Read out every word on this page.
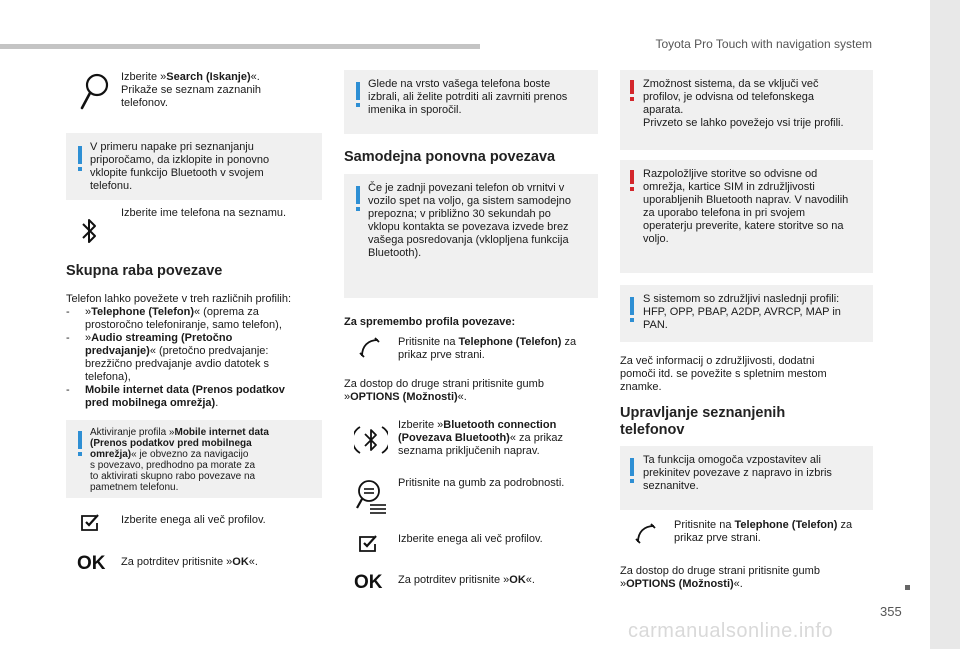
Toyota Pro Touch with navigation system
355
carmanualsonline.info
Izberite »Search (Iskanje)«.
Prikaže se seznam zaznanih
telefonov.
V primeru napake pri seznanjanju
priporočamo, da izklopite in ponovno
vklopite funkcijo Bluetooth v svojem
telefonu.
Izberite ime telefona na seznamu.
Skupna raba povezave
Telefon lahko povežete v treh različnih profilih:
-	»Telephone (Telefon)« (oprema za
prostoročno telefoniranje, samo telefon),
-	»Audio streaming (Pretočno
predvajanje)« (pretočno predvajanje:
brezžično predvajanje avdio datotek s
telefona),
-	Mobile internet data (Prenos podatkov
pred mobilnega omrežja).
Aktiviranje profila »Mobile internet data
(Prenos podatkov pred mobilnega
omrežja)« je obvezno za navigacijo
s povezavo, predhodno pa morate za
to aktivirati skupno rabo povezave na
pametnem telefonu.
Izberite enega ali več profilov.
OK Za potrditev pritisnite »OK«.
Glede na vrsto vašega telefona boste
izbrali, ali želite potrditi ali zavrniti prenos
imenika in sporočil.
Samodejna ponovna povezava
Če je zadnji povezani telefon ob vrnitvi v
vozilo spet na voljo, ga sistem samodejno
prepozna; v približno 30 sekundah po
vklopu kontakta se povezava izvede brez
vašega posredovanja (vklopljena funkcija
Bluetooth).
Za spremembo profila povezave:
Pritisnite na Telephone (Telefon) za
prikaz prve strani.
Za dostop do druge strani pritisnite gumb
»OPTIONS (Možnosti)«.
Izberite »Bluetooth connection
(Povezava Bluetooth)« za prikaz
seznama priključenih naprav.
Pritisnite na gumb za podrobnosti.
Izberite enega ali več profilov.
OK Za potrditev pritisnite »OK«.
Zmožnost sistema, da se vključi več
profilov, je odvisna od telefonskega
aparata.
Privzeto se lahko povežejo vsi trije profili.
Razpoložljive storitve so odvisne od
omrežja, kartice SIM in združljivosti
uporabljenih Bluetooth naprav. V navodilih
za uporabo telefona in pri svojem
operaterju preverite, katere storitve so na
voljo.
S sistemom so združljivi naslednji profili:
HFP, OPP, PBAP, A2DP, AVRCP, MAP in
PAN.
Za več informacij o združljivosti, dodatni
pomoči itd. se povežite s spletnim mestom
znamke.
Upravljanje seznanjenih
telefonov
Ta funkcija omogoča vzpostavitev ali
prekinitev povezave z napravo in izbris
seznanitve.
Pritisnite na Telephone (Telefon) za
prikaz prve strani.
Za dostop do druge strani pritisnite gumb
»OPTIONS (Možnosti)«.
